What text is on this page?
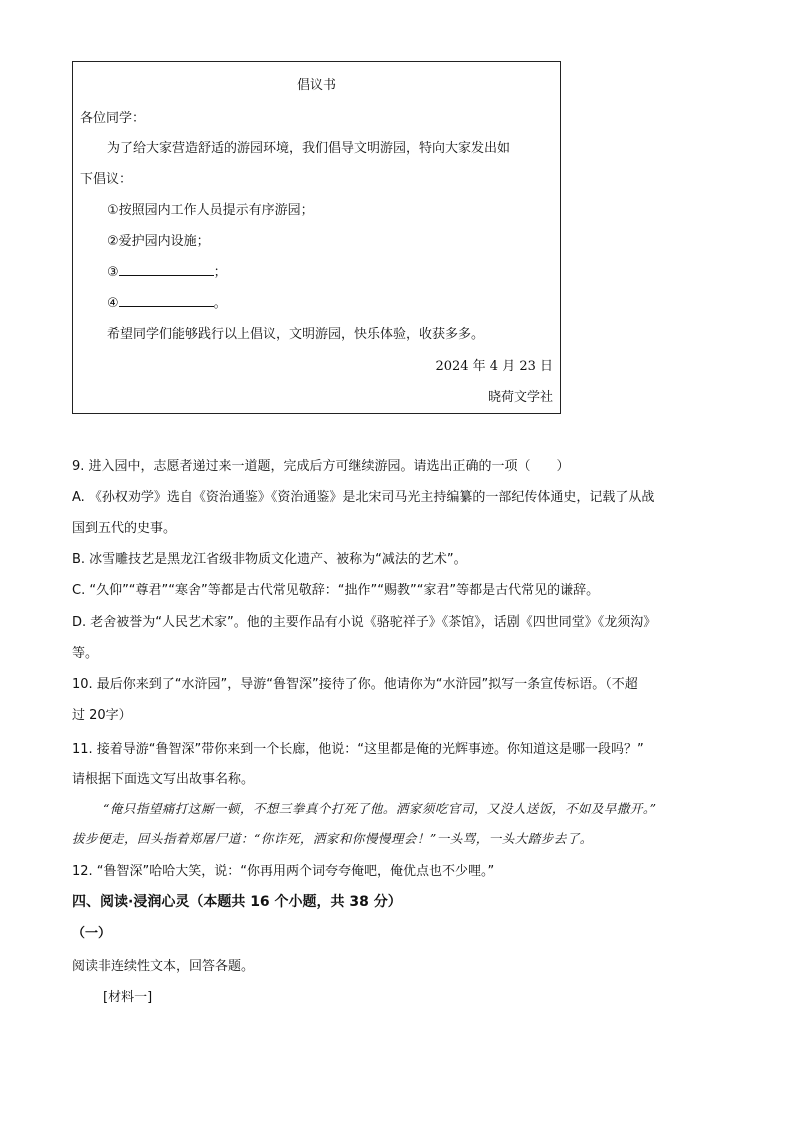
倡议书
各位同学：
为了给大家营造舒适的游园环境，我们倡导文明游园，特向大家发出如
下倡议：
①按照园内工作人员提示有序游园；
②爱护园内设施；
③	；
④	。
希望同学们能够践行以上倡议，文明游园，快乐体验，收获多多。
2024 年 4 月 23 日
晓荷文学社
9. 进入园中，志愿者递过来一道题，完成后方可继续游园。请选出正确的一项（　　）
A. 《孙权劝学》选自《资治通鉴》《资治通鉴》是北宋司马光主持编纂的一部纪传体通史，记载了从战
国到五代的史事。
B. 冰雪雕技艺是黑龙江省级非物质文化遗产、被称为“减法的艺术”。
C. “久仰”“尊君”“寒舍”等都是古代常见敬辞：“拙作”“赐教”“家君”等都是古代常见的谦辞。
D. 老舍被誉为“人民艺术家”。他的主要作品有小说《骆驼祥子》《茶馆》，话剧《四世同堂》《龙须沟》
等。
10. 最后你来到了“水浒园”，导游“鲁智深”接待了你。他请你为“水浒园”拟写一条宣传标语。（不超
过 20字）
11. 接着导游“鲁智深”带你来到一个长廊，他说：“这里都是俺的光辉事迹。你知道这是哪一段吗？”
请根据下面选文写出故事名称。
“俺只指望痛打这厮一顿，不想三拳真个打死了他。洒家须吃官司，又没人送饭，不如及早撒开。”
拔步便走，回头指着郑屠尸道：“你诈死，洒家和你慢慢理会！”一头骂，一头大踏步去了。
12. “鲁智深”哈哈大笑，说：“你再用两个词夸夸俺吧，俺优点也不少哩。”
四、阅读·浸润心灵（本题共 16 个小题，共 38 分）
（一）
阅读非连续性文本，回答各题。
[材料一]
